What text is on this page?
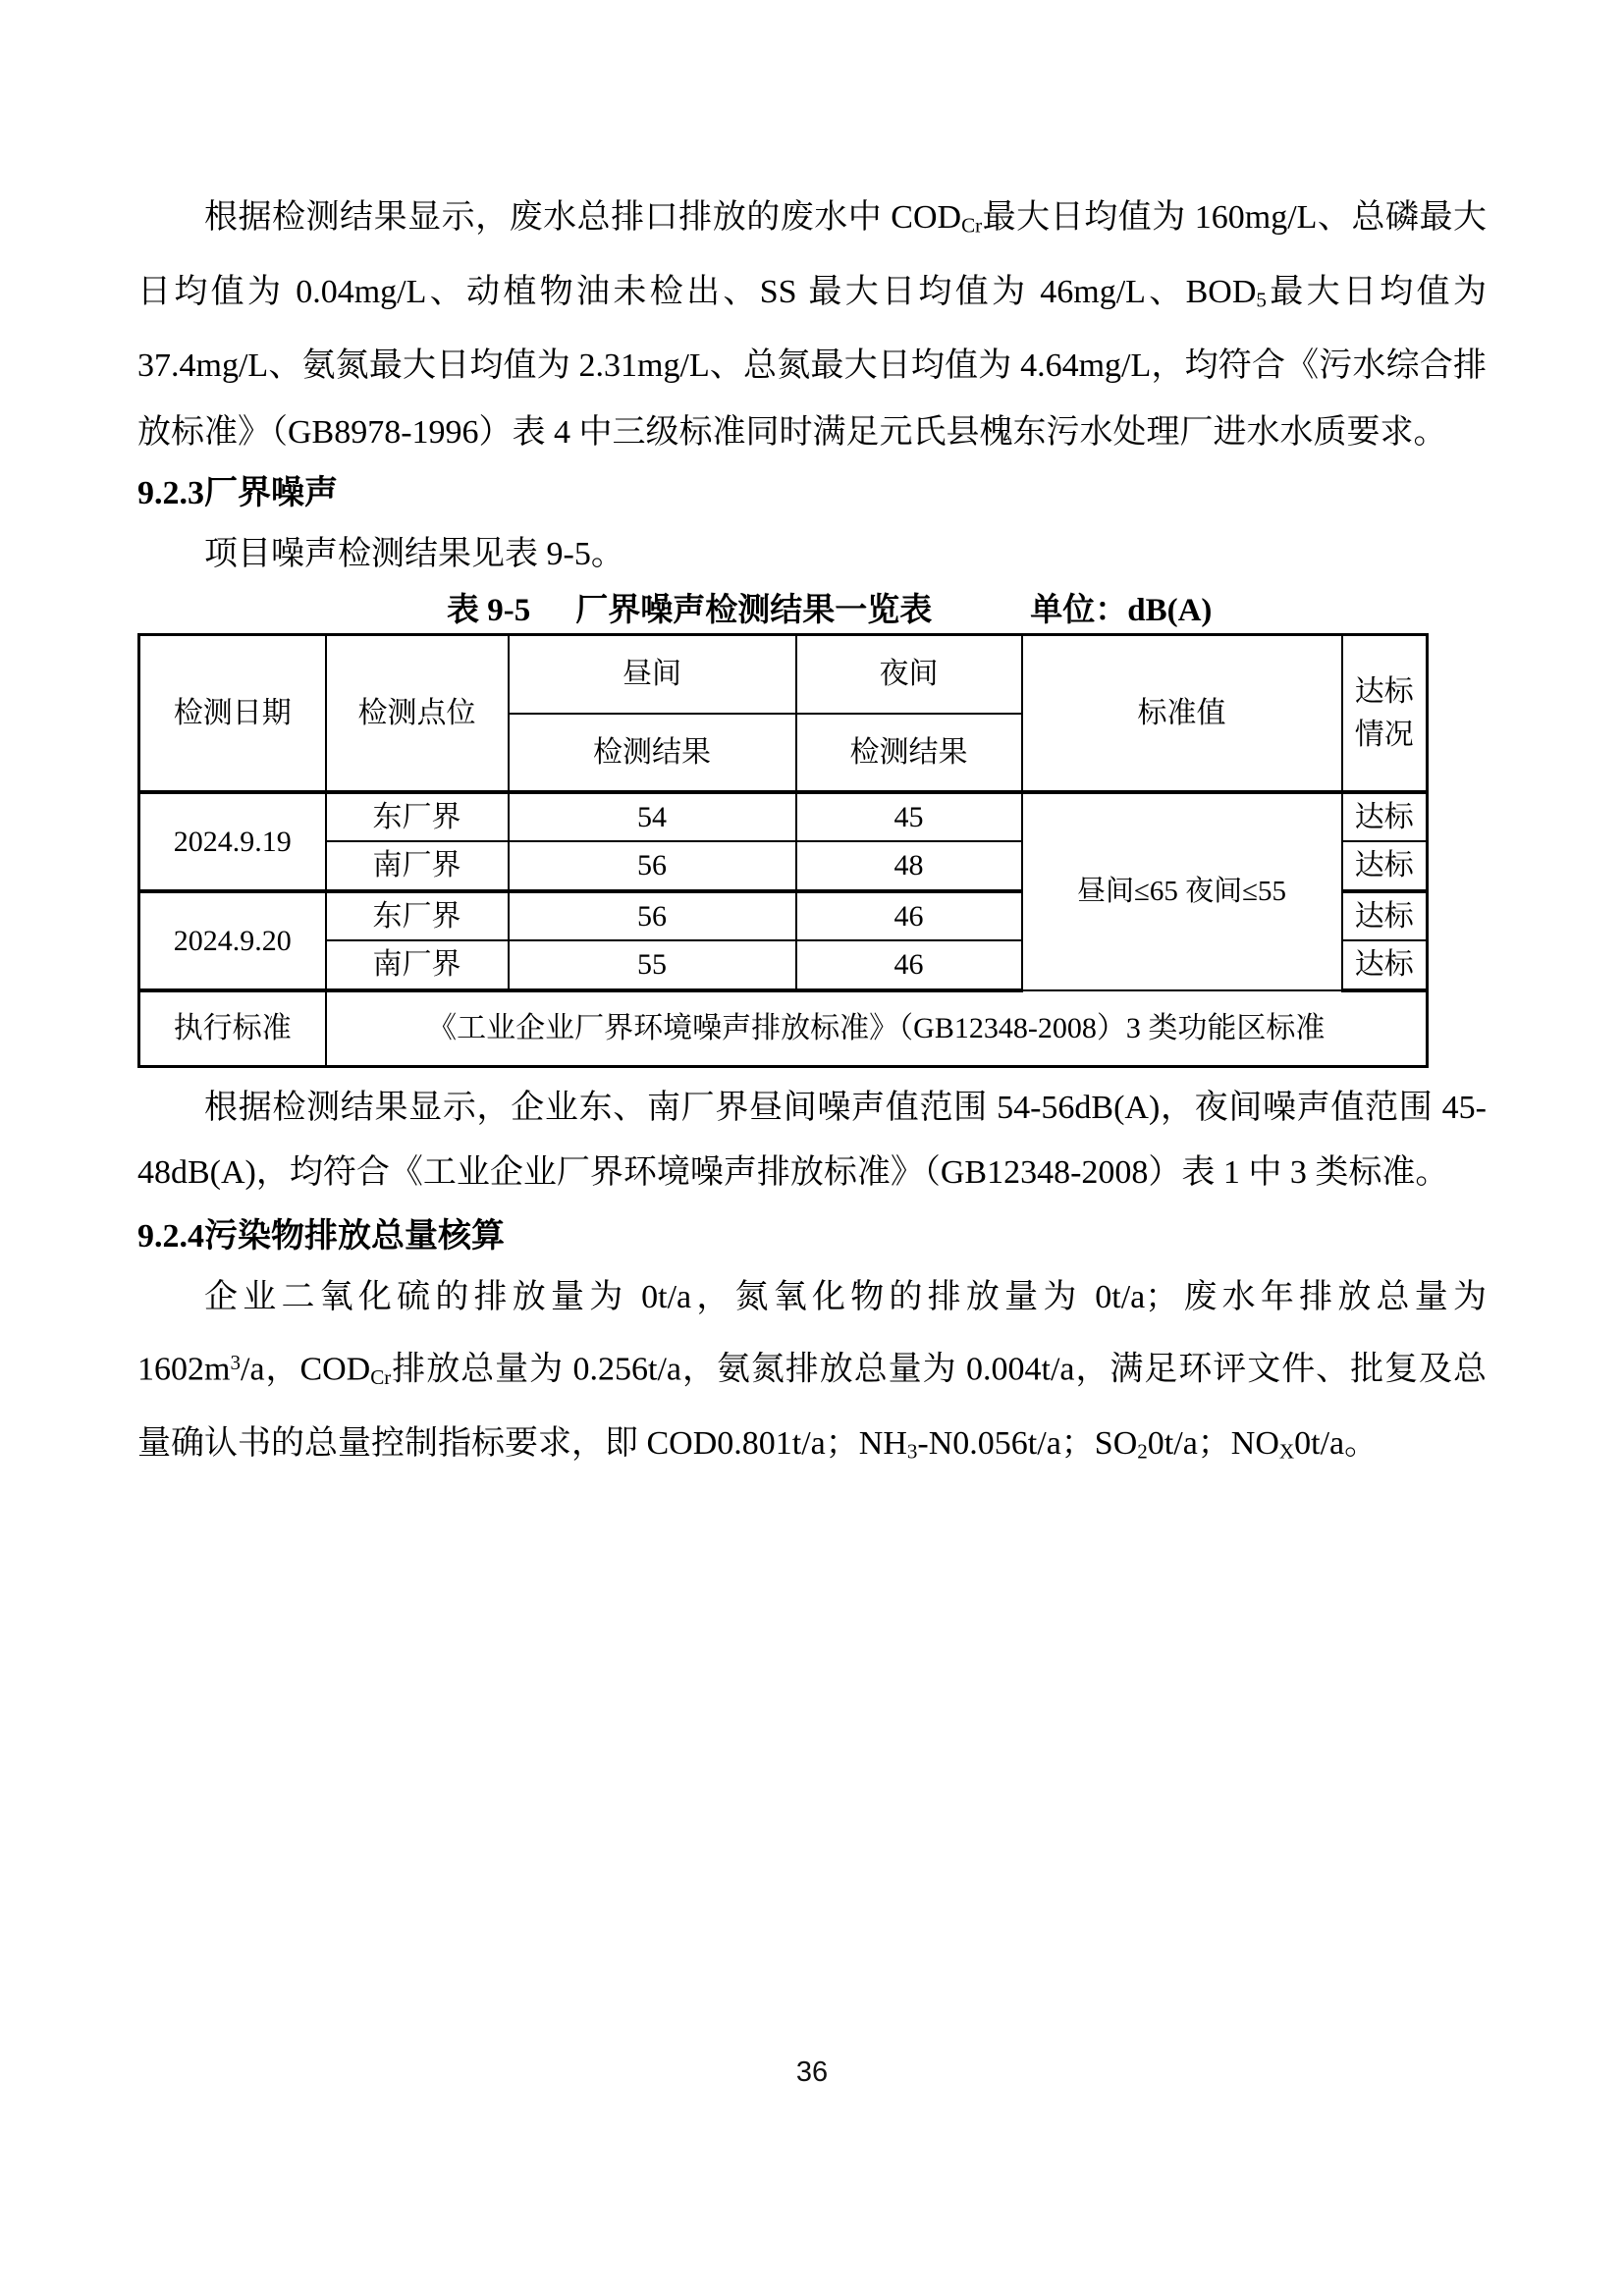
根据检测结果显示，废水总排口排放的废水中 $COD_{Cr}$最大日均值为 160mg/L、总磷最大日均值为 0.04mg/L、动植物油未检出、SS 最大日均值为 46mg/L、$BOD_5$最大日均值为 37.4mg/L、氨氮最大日均值为 2.31mg/L、总氮最大日均值为 4.64mg/L，均符合《污水综合排放标准》（GB8978-1996）表 4 中三级标准同时满足元氏县槐东污水处理厂进水水质要求。

9.2.3厂界噪声

项目噪声检测结果见表 9-5。

表 9-5 厂界噪声检测结果一览表	单位：dB(A)
检测日期	检测点位	昼间	夜间	标准值	达标情况
		检测结果	检测结果		
2024.9.19	东厂界	54	45	昼间≤65 夜间≤55	达标
	南厂界	56	48		达标
2024.9.20	东厂界	56	46		达标
	南厂界	55	46		达标
执行标准	《工业企业厂界环境噪声排放标准》（GB12348-2008）3 类功能区标准				

根据检测结果显示，企业东、南厂界昼间噪声值范围 54-56dB(A)，夜间噪声值范围 45-48dB(A)，均符合《工业企业厂界环境噪声排放标准》（GB12348-2008）表 1 中 3 类标准。

9.2.4污染物排放总量核算

企业二氧化硫的排放量为 0t/a，氮氧化物的排放量为 0t/a；废水年排放总量为 $1602m^3/a$，$COD_{Cr}$排放总量为 0.256t/a，氨氮排放总量为 0.004t/a，满足环评文件、批复及总量确认书的总量控制指标要求，即 COD0.801t/a；$NH_3-N0.056t/a$；$SO_20t/a$；$NO_X0t/a$。

36
